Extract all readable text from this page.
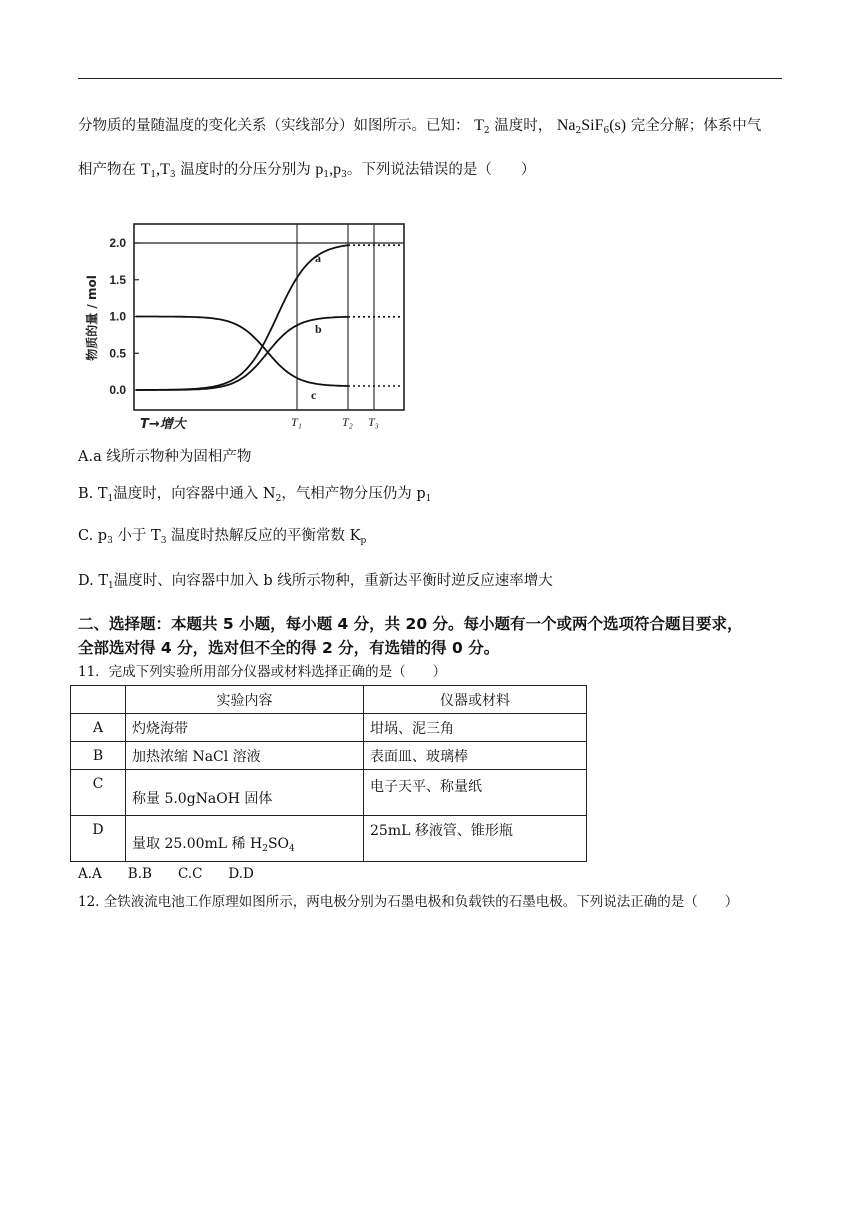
分物质的量随温度的变化关系（实线部分）如图所示。已知： $T_2$ 温度时， $Na_2SiF_6(s)$ 完全分解；体系中气
相产物在 $T_1,T_3$ 温度时的分压分别为 $p_1,p_3$。下列说法错误的是（　　）
2.0
1.5
1.0
0.5
0.0
物质的量 / mol
T₁	T₂ T₃
a
b
c
T→增大
A.a 线所示物种为固相产物
B. $T_1$温度时，向容器中通入 $N_2$，气相产物分压仍为 $p_1$
C. $p_3$ 小于 $T_3$ 温度时热解反应的平衡常数 $K_p$
D. $T_1$温度时、向容器中加入 b 线所示物种，重新达平衡时逆反应速率增大
二、选择题：本题共 5 小题，每小题 4 分，共 20 分。每小题有一个或两个选项符合题目要求，
全部选对得 4 分，选对但不全的得 2 分，有选错的得 0 分。
11．完成下列实验所用部分仪器或材料选择正确的是（　　）
	实验内容	仪器或材料
A	灼烧海带	坩埚、泥三角
B	加热浓缩 NaCl 溶液	表面皿、玻璃棒
C	称量 5.0gNaOH 固体	电子天平、称量纸
D	量取 25.00mL 稀 $H_2SO_4$	25mL 移液管、锥形瓶
A.A B.B C.C D.D
12. 全铁液流电池工作原理如图所示，两电极分别为石墨电极和负载铁的石墨电极。下列说法正确的是（　　）
